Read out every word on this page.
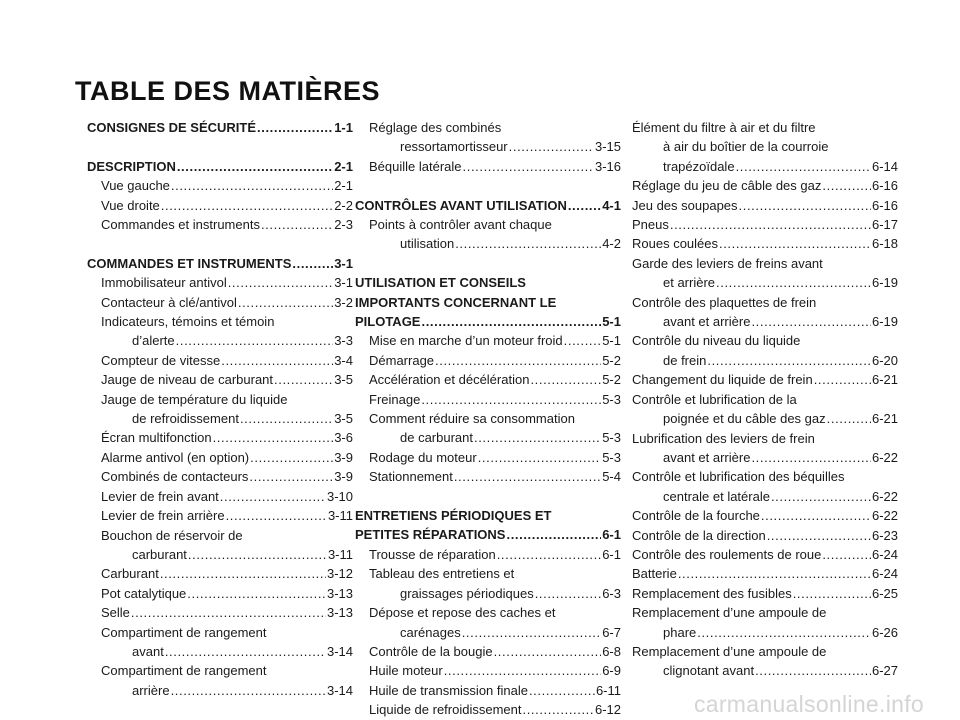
TABLE DES MATIÈRES
CONSIGNES DE SÉCURITÉ .....	1-1
DESCRIPTION .....	2-1
Vue gauche .....	2-1
Vue droite .....	2-2
Commandes et instruments .....	2-3
COMMANDES ET INSTRUMENTS .....	3-1
Immobilisateur antivol .....	3-1
Contacteur à clé/antivol .....	3-2
Indicateurs, témoins et témoin
d’alerte .....	3-3
Compteur de vitesse .....	3-4
Jauge de niveau de carburant .....	3-5
Jauge de température du liquide
de refroidissement .....	3-5
Écran multifonction .....	3-6
Alarme antivol (en option) .....	3-9
Combinés de contacteurs .....	3-9
Levier de frein avant .....	3-10
Levier de frein arrière .....	3-11
Bouchon de réservoir de
carburant .....	3-11
Carburant .....	3-12
Pot catalytique .....	3-13
Selle .....	3-13
Compartiment de rangement
avant .....	3-14
Compartiment de rangement
arrière .....	3-14
Réglage des combinés
ressortamortisseur .....	3-15
Béquille latérale .....	3-16
CONTRÔLES AVANT UTILISATION .....	4-1
Points à contrôler avant chaque
utilisation .....	4-2
UTILISATION ET CONSEILS
IMPORTANTS CONCERNANT LE
PILOTAGE .....	5-1
Mise en marche d’un moteur froid .....	5-1
Démarrage .....	5-2
Accélération et décélération .....	5-2
Freinage .....	5-3
Comment réduire sa consommation
de carburant .....	5-3
Rodage du moteur .....	5-3
Stationnement .....	5-4
ENTRETIENS PÉRIODIQUES ET
PETITES RÉPARATIONS .....	6-1
Trousse de réparation .....	6-1
Tableau des entretiens et
graissages périodiques .....	6-3
Dépose et repose des caches et
carénages .....	6-7
Contrôle de la bougie .....	6-8
Huile moteur .....	6-9
Huile de transmission finale .....	6-11
Liquide de refroidissement .....	6-12
Élément du filtre à air et du filtre
à air du boîtier de la courroie
trapézoïdale .....	6-14
Réglage du jeu de câble des gaz .....	6-16
Jeu des soupapes .....	6-16
Pneus .....	6-17
Roues coulées .....	6-18
Garde des leviers de freins avant
et arrière .....	6-19
Contrôle des plaquettes de frein
avant et arrière .....	6-19
Contrôle du niveau du liquide
de frein .....	6-20
Changement du liquide de frein .....	6-21
Contrôle et lubrification de la
poignée et du câble des gaz .....	6-21
Lubrification des leviers de frein
avant et arrière .....	6-22
Contrôle et lubrification des béquilles
centrale et latérale .....	6-22
Contrôle de la fourche .....	6-22
Contrôle de la direction .....	6-23
Contrôle des roulements de roue .....	6-24
Batterie .....	6-24
Remplacement des fusibles .....	6-25
Remplacement d’une ampoule de
phare .....	6-26
Remplacement d’une ampoule de
clignotant avant .....	6-27
carmanualsonline.info
